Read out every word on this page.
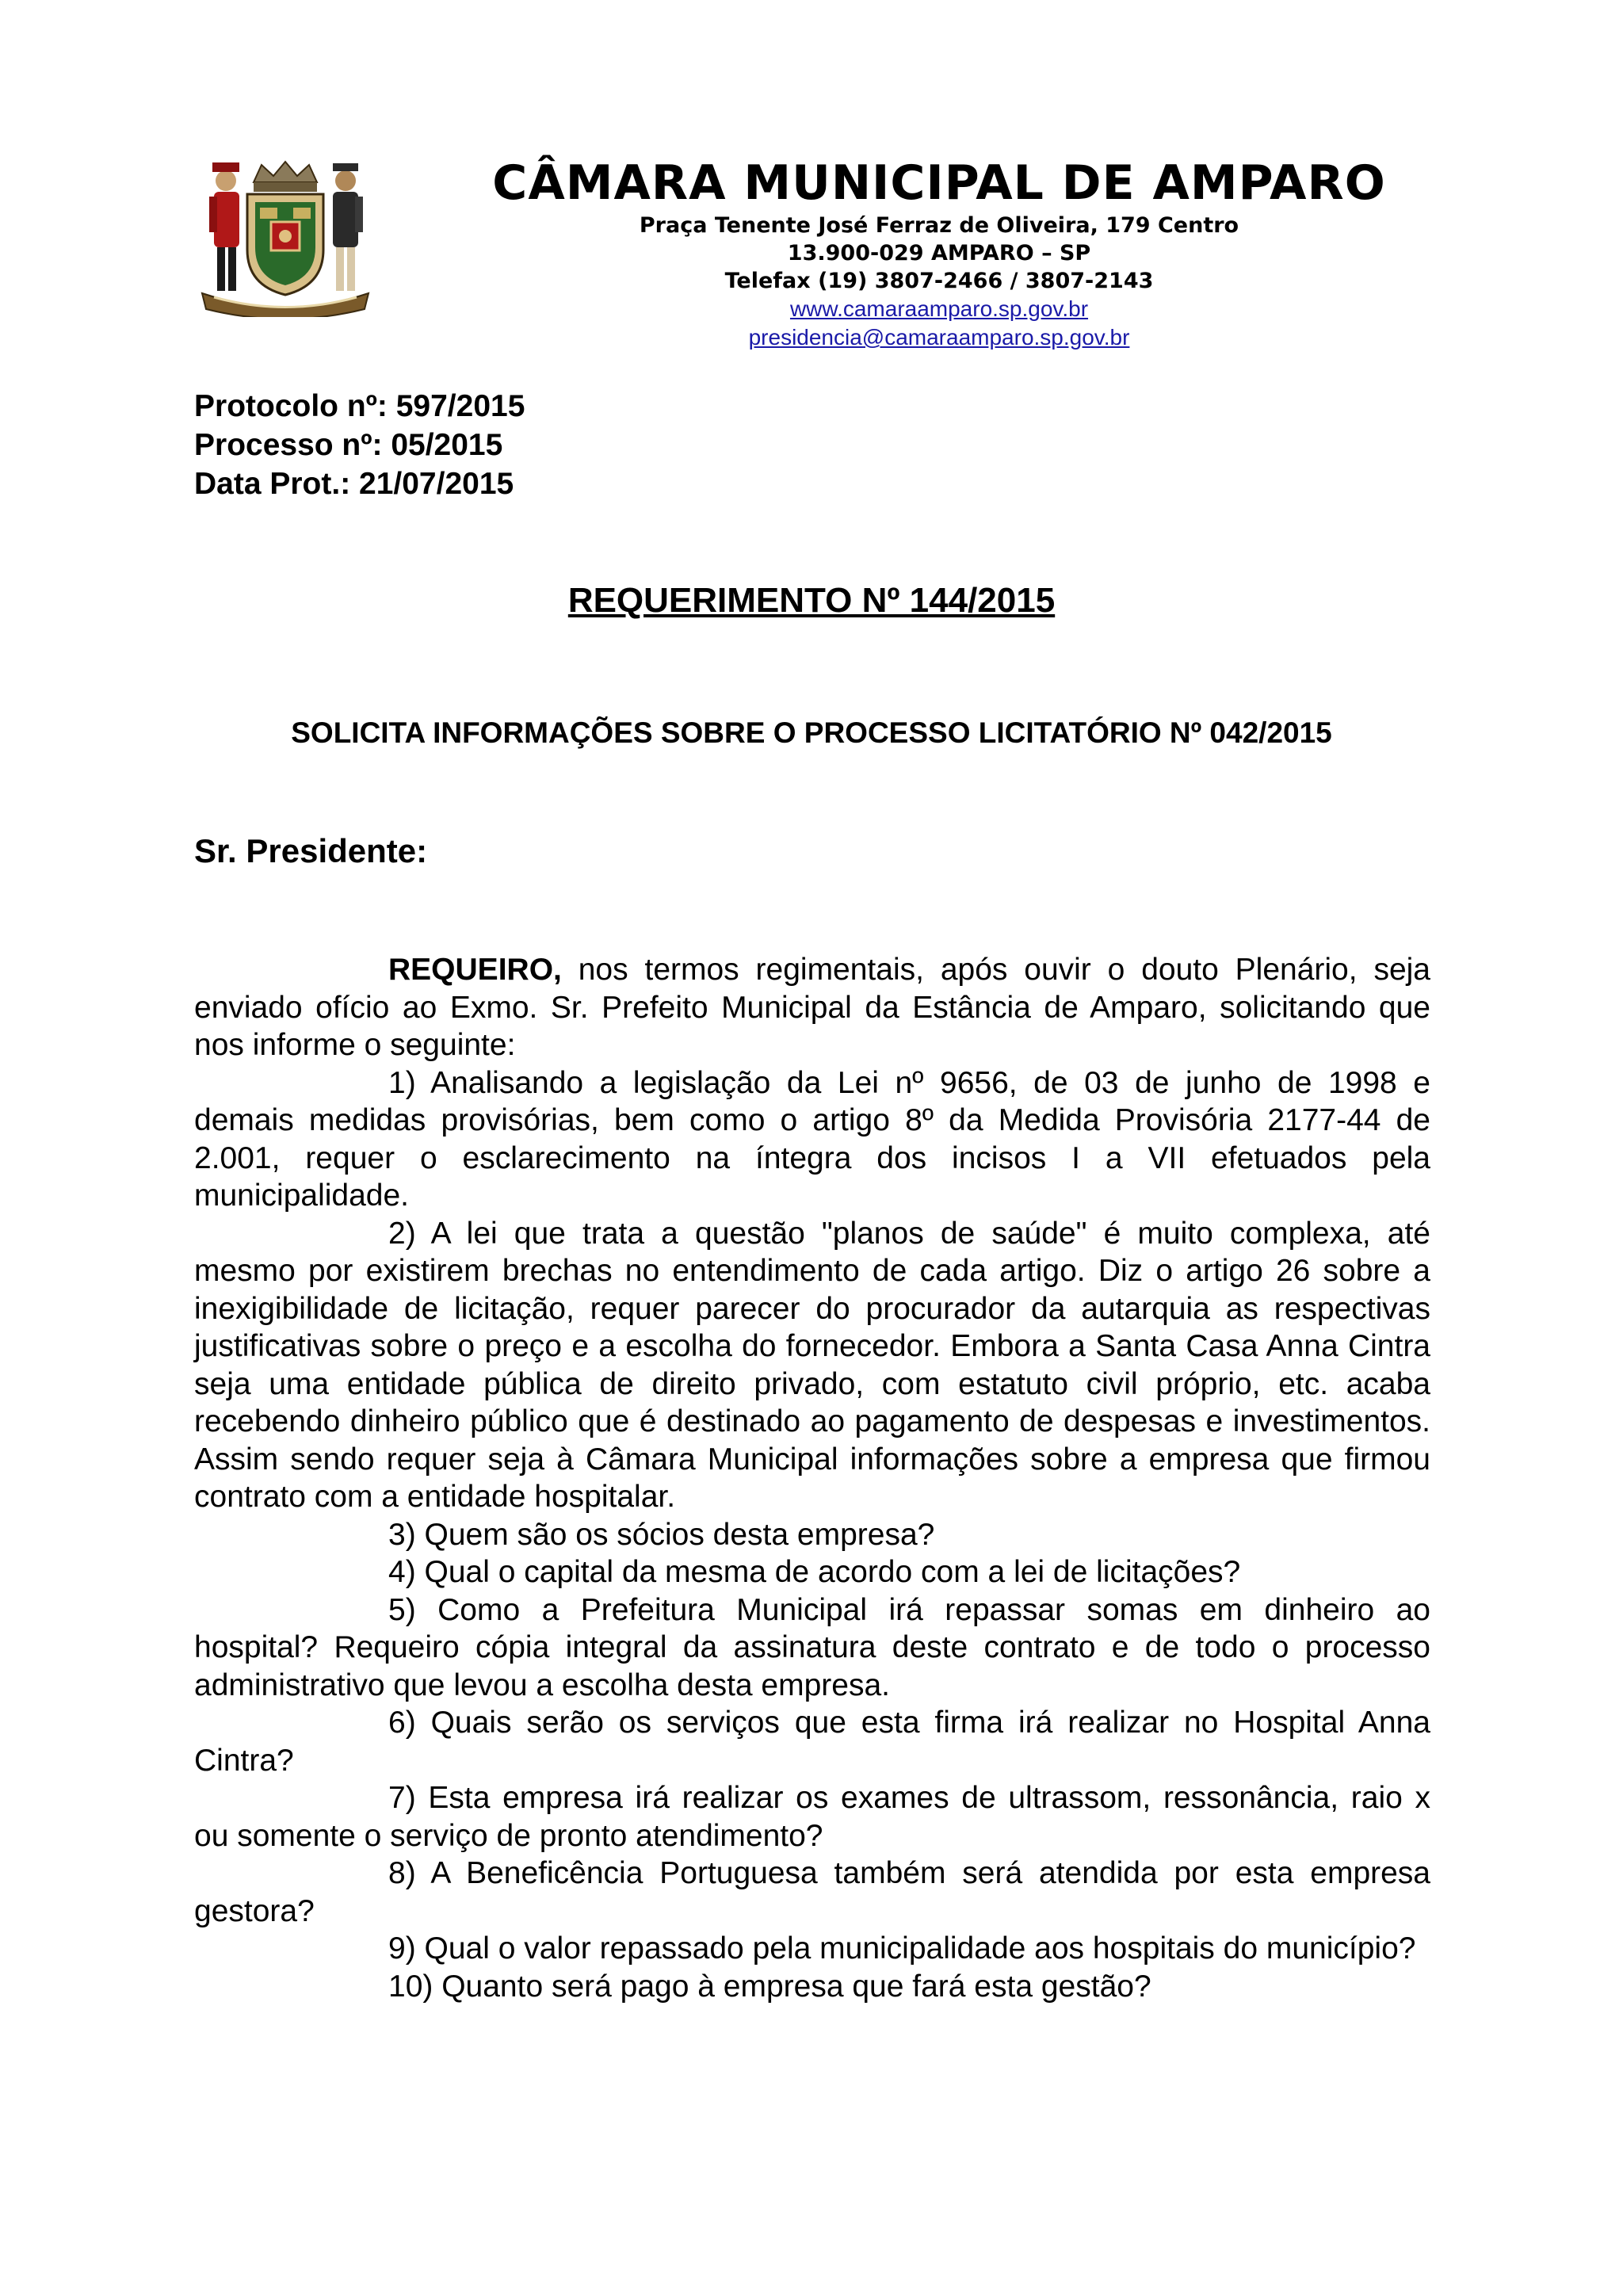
CÂMARA MUNICIPAL DE AMPARO
Praça Tenente José Ferraz de Oliveira, 179 Centro
13.900-029 AMPARO – SP
Telefax (19) 3807-2466 / 3807-2143
www.camaraamparo.sp.gov.br
presidencia@camaraamparo.sp.gov.br
Protocolo nº: 597/2015
Processo nº: 05/2015
Data Prot.: 21/07/2015
REQUERIMENTO Nº 144/2015
SOLICITA INFORMAÇÕES SOBRE O PROCESSO LICITATÓRIO Nº 042/2015
Sr. Presidente:

REQUEIRO, nos termos regimentais, após ouvir o douto Plenário, seja enviado ofício ao Exmo. Sr. Prefeito Municipal da Estância de Amparo, solicitando que nos informe o seguinte:

1) Analisando a legislação da Lei nº 9656, de 03 de junho de 1998 e demais medidas provisórias, bem como o artigo 8º da Medida Provisória 2177-44 de 2.001, requer o esclarecimento na íntegra dos incisos I a VII efetuados pela municipalidade.

2) A lei que trata a questão "planos de saúde" é muito complexa, até mesmo por existirem brechas no entendimento de cada artigo. Diz o artigo 26 sobre a inexigibilidade de licitação, requer parecer do procurador da autarquia as respectivas justificativas sobre o preço e a escolha do fornecedor. Embora a Santa Casa Anna Cintra seja uma entidade pública de direito privado, com estatuto civil próprio, etc. acaba recebendo dinheiro público que é destinado ao pagamento de despesas e investimentos. Assim sendo requer seja à Câmara Municipal informações sobre a empresa que firmou contrato com a entidade hospitalar.

3) Quem são os sócios desta empresa?

4) Qual o capital da mesma de acordo com a lei de licitações?

5) Como a Prefeitura Municipal irá repassar somas em dinheiro ao hospital? Requeiro cópia integral da assinatura deste contrato e de todo o processo administrativo que levou a escolha desta empresa.

6) Quais serão os serviços que esta firma irá realizar no Hospital Anna Cintra?

7) Esta empresa irá realizar os exames de ultrassom, ressonância, raio x ou somente o serviço de pronto atendimento?

8) A Beneficência Portuguesa também será atendida por esta empresa gestora?

9) Qual o valor repassado pela municipalidade aos hospitais do município?

10) Quanto será pago à empresa que fará esta gestão?
